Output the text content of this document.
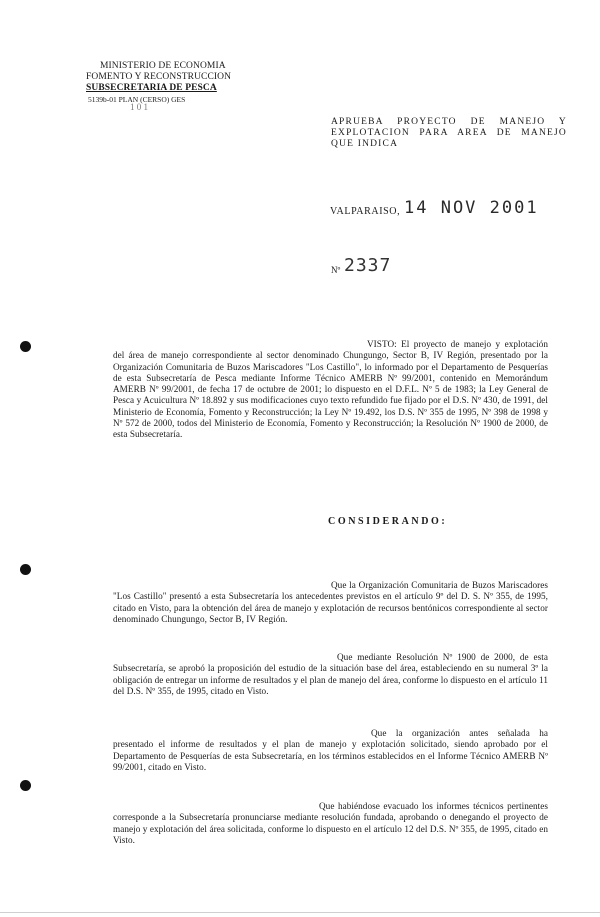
MINISTERIO DE ECONOMIA
FOMENTO Y RECONSTRUCCION
SUBSECRETARIA DE PESCA
5139b-01 PLAN (CERSO) GES
1 0 1
APRUEBA PROYECTO DE MANEJO Y EXPLOTACION PARA AREA DE MANEJO QUE INDICA
VALPARAISO, 14 NOV 2001
Nº 2337
VISTO: El proyecto de manejo y explotación del área de manejo correspondiente al sector denominado Chungungo, Sector B, IV Región, presentado por la Organización Comunitaria de Buzos Mariscadores "Los Castillo", lo informado por el Departamento de Pesquerías de esta Subsecretaría de Pesca mediante Informe Técnico AMERB Nº 99/2001, contenido en Memorándum AMERB Nº 99/2001, de fecha 17 de octubre de 2001; lo dispuesto en el D.F.L. Nº 5 de 1983; la Ley General de Pesca y Acuicultura Nº 18.892 y sus modificaciones cuyo texto refundido fue fijado por el D.S. Nº 430, de 1991, del Ministerio de Economía, Fomento y Reconstrucción; la Ley Nº 19.492, los D.S. Nº 355 de 1995, Nº 398 de 1998 y Nº 572 de 2000, todos del Ministerio de Economía, Fomento y Reconstrucción; la Resolución Nº 1900 de 2000, de esta Subsecretaría.
CONSIDERANDO:
Que la Organización Comunitaria de Buzos Mariscadores "Los Castillo" presentó a esta Subsecretaría los antecedentes previstos en el artículo 9º del D. S. Nº 355, de 1995, citado en Visto, para la obtención del área de manejo y explotación de recursos bentónicos correspondiente al sector denominado Chungungo, Sector B, IV Región.
Que mediante Resolución Nº 1900 de 2000, de esta Subsecretaría, se aprobó la proposición del estudio de la situación base del área, estableciendo en su numeral 3º la obligación de entregar un informe de resultados y el plan de manejo del área, conforme lo dispuesto en el artículo 11 del D.S. Nº 355, de 1995, citado en Visto.
Que la organización antes señalada ha presentado el informe de resultados y el plan de manejo y explotación solicitado, siendo aprobado por el Departamento de Pesquerías de esta Subsecretaría, en los términos establecidos en el Informe Técnico AMERB Nº 99/2001, citado en Visto.
Que habiéndose evacuado los informes técnicos pertinentes corresponde a la Subsecretaría pronunciarse mediante resolución fundada, aprobando o denegando el proyecto de manejo y explotación del área solicitada, conforme lo dispuesto en el artículo 12 del D.S. Nº 355, de 1995, citado en Visto.
